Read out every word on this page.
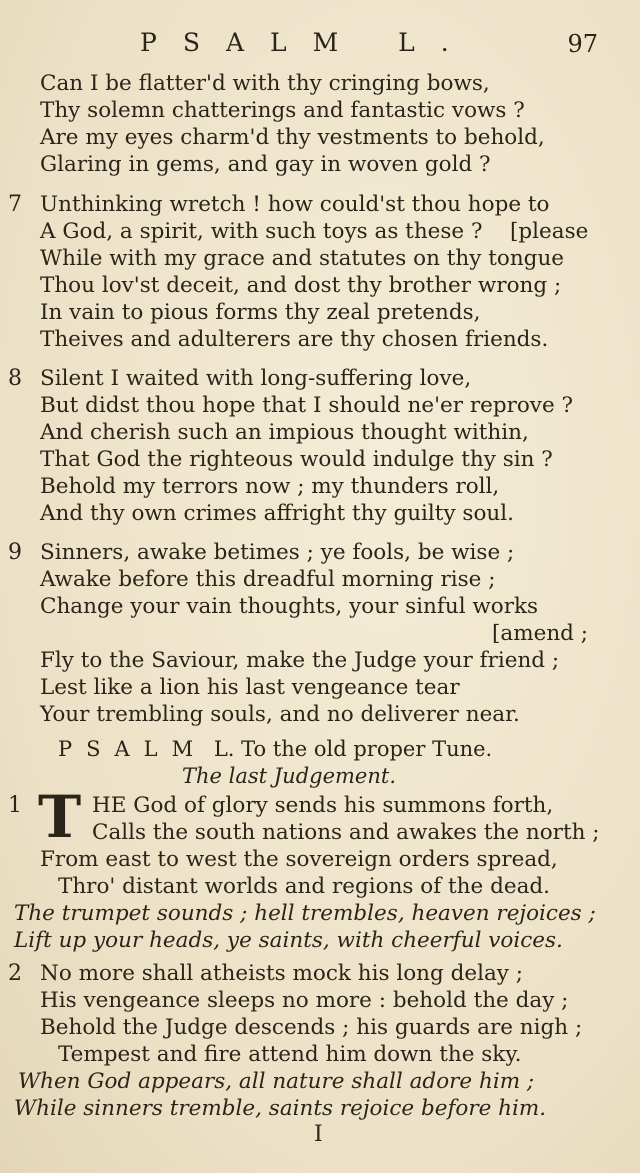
PSALM L.	97
Can I be flatter'd with thy cringing bows,
Thy solemn chatterings and fantastic vows ?
Are my eyes charm'd thy vestments to behold,
Glaring in gems, and gay in woven gold ?
7 Unthinking wretch ! how could'st thou hope to
A God, a spirit, with such toys as these ? [please
While with my grace and statutes on thy tongue
Thou lov'st deceit, and dost thy brother wrong ;
In vain to pious forms thy zeal pretends,
Theives and adulterers are thy chosen friends.
8 Silent I waited with long-suffering love,
But didst thou hope that I should ne'er reprove ?
And cherish such an impious thought within,
That God the righteous would indulge thy sin ?
Behold my terrors now ; my thunders roll,
And thy own crimes affright thy guilty soul.
9 Sinners, awake betimes ; ye fools, be wise ;
Awake before this dreadful morning rise ;
Change your vain thoughts, your sinful works
[amend ;
Fly to the Saviour, make the Judge your friend ;
Lest like a lion his last vengeance tear
Your trembling souls, and no deliverer near.
PSALM L. To the old proper Tune.
The last Judgement.
T
1	HE God of glory sends his summons forth,
Calls the south nations and awakes the north ;
From east to west the sovereign orders spread,
Thro' distant worlds and regions of the dead.
The trumpet sounds ; hell trembles, heaven rejoices ;
Lift up your heads, ye saints, with cheerful voices.
2 No more shall atheists mock his long delay ;
His vengeance sleeps no more : behold the day ;
Behold the Judge descends ; his guards are nigh ;
Tempest and fire attend him down the sky.
When God appears, all nature shall adore him ;
While sinners tremble, saints rejoice before him.
I
